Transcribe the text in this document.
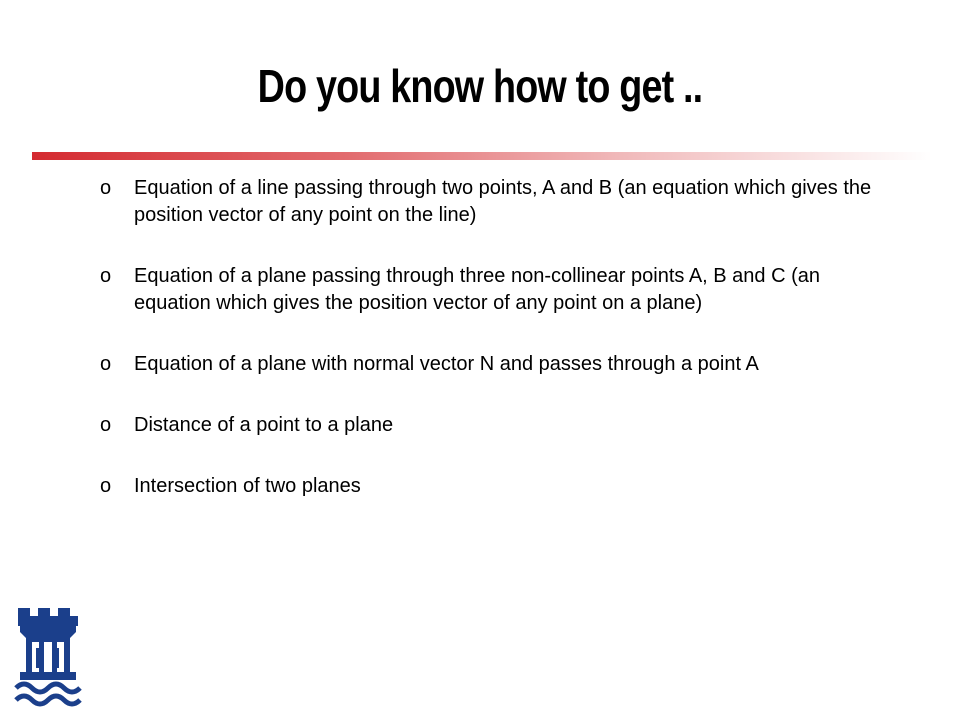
Do you know how to get ..
o Equation of a line passing through two points, A and B (an equation which gives the position vector of any point on the line)
o Equation of a plane passing through three non-collinear points A, B and C (an equation which gives the position vector of any point on a plane)
o Equation of a plane with normal vector N and passes through a point A
o Distance of a point to a plane
o Intersection of two planes
